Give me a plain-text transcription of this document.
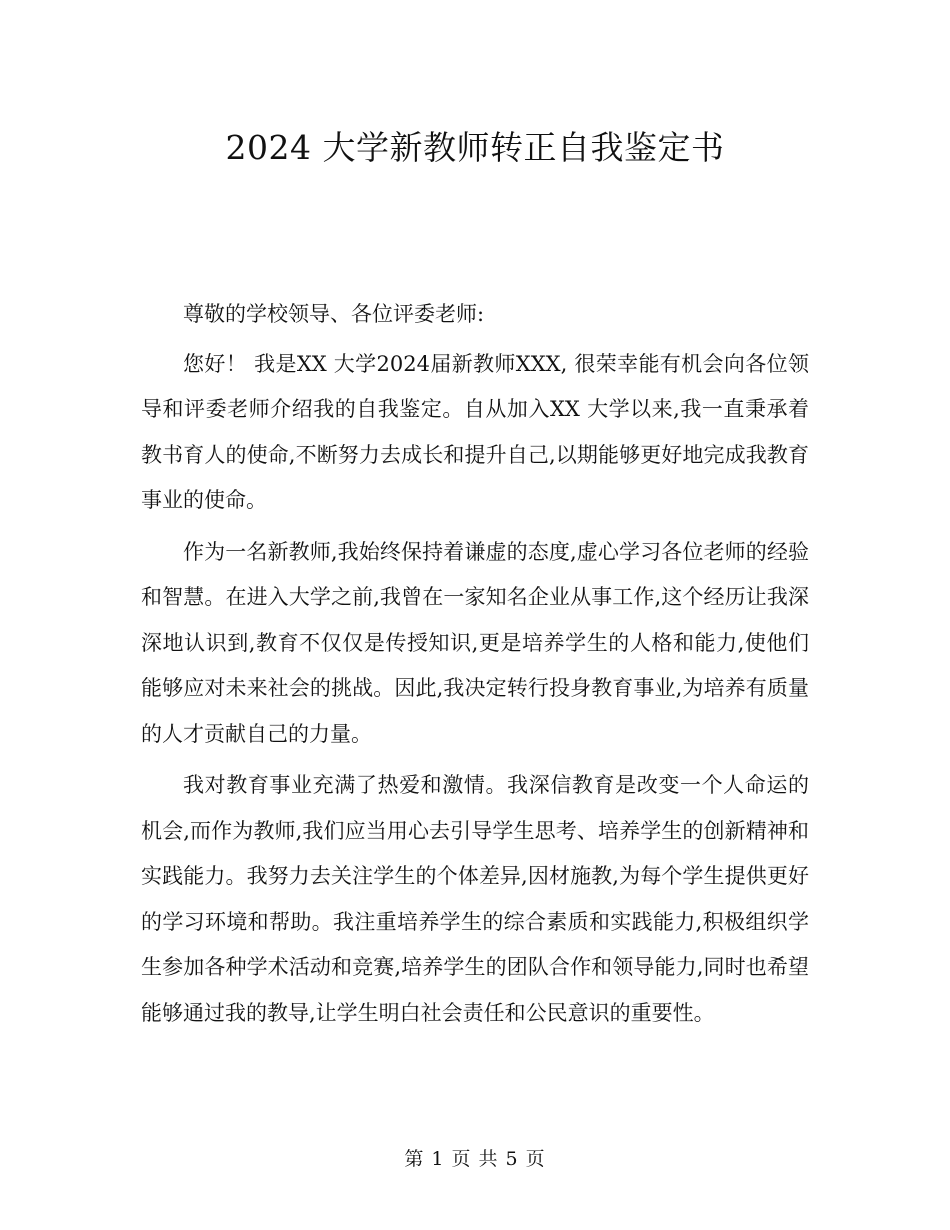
2024 大学新教师转正自我鉴定书

尊敬的学校领导、各位评委老师:

您好！ 我是XX 大学2024届新教师XXX, 很荣幸能有机会向各位领导和评委老师介绍我的自我鉴定。自从加入XX 大学以来,我一直秉承着教书育人的使命,不断努力去成长和提升自己,以期能够更好地完成我教育事业的使命。

作为一名新教师,我始终保持着谦虚的态度,虚心学习各位老师的经验和智慧。在进入大学之前,我曾在一家知名企业从事工作,这个经历让我深深地认识到,教育不仅仅是传授知识,更是培养学生的人格和能力,使他们能够应对未来社会的挑战。因此,我决定转行投身教育事业,为培养有质量的人才贡献自己的力量。

我对教育事业充满了热爱和激情。我深信教育是改变一个人命运的机会,而作为教师,我们应当用心去引导学生思考、培养学生的创新精神和实践能力。我努力去关注学生的个体差异,因材施教,为每个学生提供更好的学习环境和帮助。我注重培养学生的综合素质和实践能力,积极组织学生参加各种学术活动和竞赛,培养学生的团队合作和领导能力,同时也希望能够通过我的教导,让学生明白社会责任和公民意识的重要性。

第 1 页 共 5 页
